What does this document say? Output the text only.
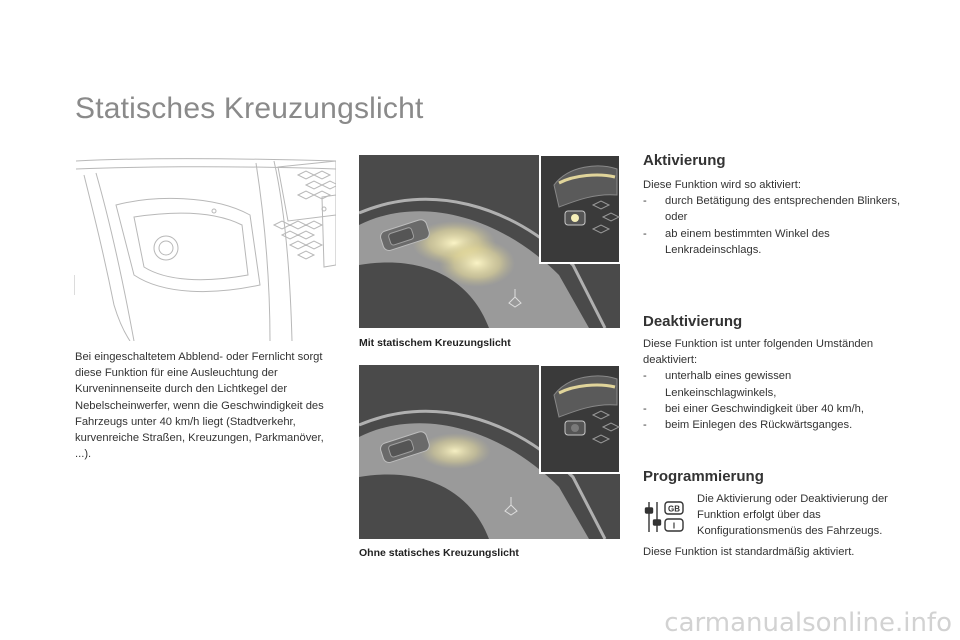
Statisches Kreuzungslicht
Mit statischem Kreuzungslicht
Ohne statisches Kreuzungslicht
Bei eingeschaltetem Abblend- oder Fernlicht sorgt diese Funktion für eine Ausleuchtung der Kurveninnenseite durch den Lichtkegel der Nebelscheinwerfer, wenn die Geschwindigkeit des Fahrzeugs unter 40 km/h liegt (Stadtverkehr, kurvenreiche Straßen, Kreuzungen, Parkmanöver, ...).
Aktivierung
Diese Funktion wird so aktiviert:
- durch Betätigung des entsprechenden Blinkers,
oder
- ab einem bestimmten Winkel des Lenkradeinschlags.
Deaktivierung
Diese Funktion ist unter folgenden Umständen deaktiviert:
- unterhalb eines gewissen Lenkeinschlagwinkels,
- bei einer Geschwindigkeit über 40 km/h,
- beim Einlegen des Rückwärtsganges.
Programmierung
GB
I
Die Aktivierung oder Deaktivierung der Funktion erfolgt über das Konfigurationsmenüs des Fahrzeugs.
Diese Funktion ist standardmäßig aktiviert.
carmanualsonline.info
